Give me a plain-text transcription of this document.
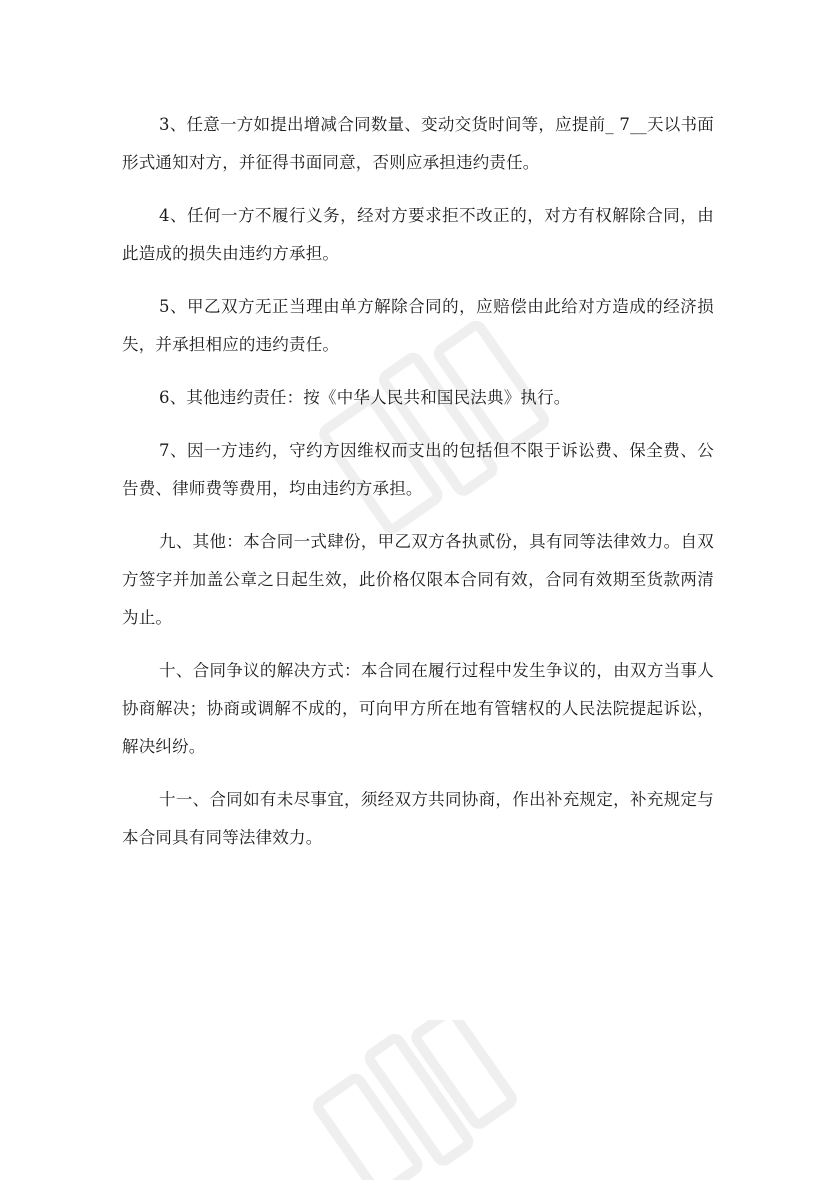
3、任意一方如提出增减合同数量、变动交货时间等，应提前_ 7__天以书面形式通知对方，并征得书面同意，否则应承担违约责任。

4、任何一方不履行义务，经对方要求拒不改正的，对方有权解除合同，由此造成的损失由违约方承担。

5、甲乙双方无正当理由单方解除合同的，应赔偿由此给对方造成的经济损失，并承担相应的违约责任。

6、其他违约责任：按《中华人民共和国民法典》执行。

7、因一方违约，守约方因维权而支出的包括但不限于诉讼费、保全费、公告费、律师费等费用，均由违约方承担。

九、其他：本合同一式肆份，甲乙双方各执贰份，具有同等法律效力。自双方签字并加盖公章之日起生效，此价格仅限本合同有效，合同有效期至货款两清为止。

十、合同争议的解决方式：本合同在履行过程中发生争议的，由双方当事人协商解决；协商或调解不成的，可向甲方所在地有管辖权的人民法院提起诉讼，解决纠纷。

十一、合同如有未尽事宜，须经双方共同协商，作出补充规定，补充规定与本合同具有同等法律效力。
